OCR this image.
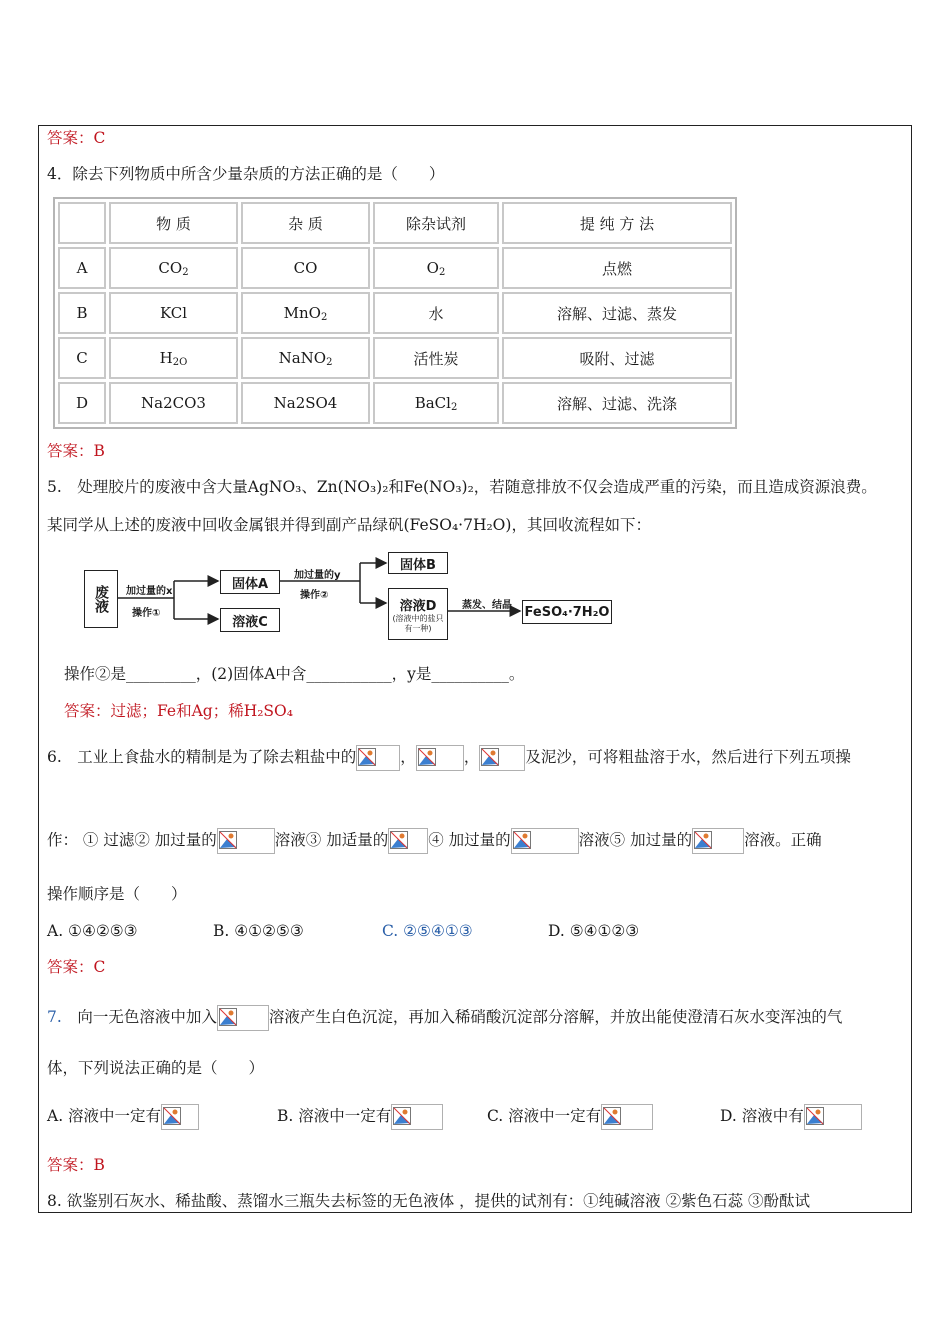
答案：C
4．除去下列物质中所含少量杂质的方法正确的是（　　）
	物 质	杂 质	除杂试剂	提 纯 方 法
A	$CO_2$	CO	$O_2$	点燃
B	KCl	MnO$_2$	水	溶解、过滤、蒸发
C	$H_{2O}$	NaNO$_2$	活性炭	吸附、过滤
D	Na2CO3	Na2SO4	BaCl$_2$	溶解、过滤、洗涤
答案：B
5.　处理胶片的废液中含大量AgNO₃、Zn(NO₃)₂和Fe(NO₃)₂，若随意排放不仅会造成严重的污染，而且造成资源浪费。
某同学从上述的废液中回收金属银并得到副产品绿矾(FeSO₄·7H₂O)，其回收流程如下：
废液	加过量的x
操作①
固体A
溶液C
加过量的y
操作②
固体B
溶液D
(溶液中的盐只有一种)
蒸发、结晶 FeSO₄·7H₂O
操作②是_________，(2)固体A中含___________，y是__________。
答案：过滤；Fe和Ag；稀H₂SO₄
6.　工业上食盐水的精制是为了除去粗盐中的	，	，	及泥沙，可将粗盐溶于水，然后进行下列五项操
作： ① 过滤② 加过量的	溶液③ 加适量的	④ 加过量的	溶液⑤ 加过量的	溶液。正确
操作顺序是（　　）
A. ①④②⑤③	B. ④①②⑤③	C. ②⑤④①③	D. ⑤④①②③
答案：C
7.　 向一无色溶液中加入	溶液产生白色沉淀，再加入稀硝酸沉淀部分溶解，并放出能使澄清石灰水变浑浊的气
体，下列说法正确的是（　　）
A. 溶液中一定有	B. 溶液中一定有	C. 溶液中一定有	D. 溶液中有
答案：B
8. 欲鉴别石灰水、稀盐酸、蒸馏水三瓶失去标签的无色液体 ，提供的试剂有：①纯碱溶液 ②紫色石蕊 ③酚酞试
